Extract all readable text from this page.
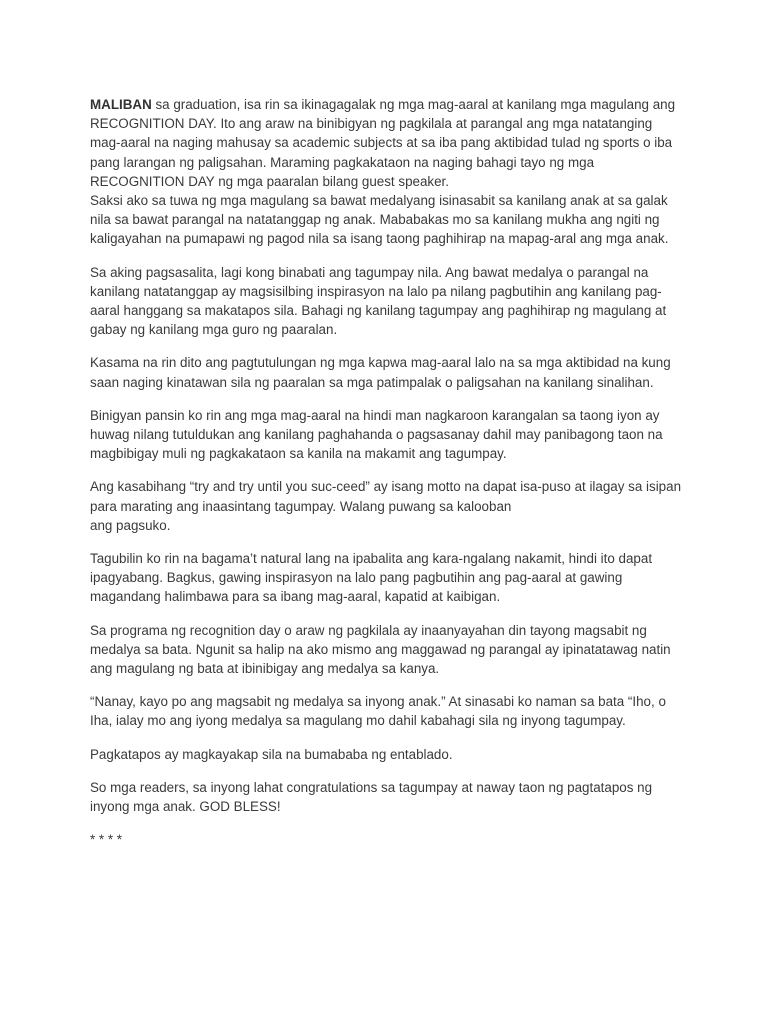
MALIBAN sa graduation, isa rin sa ikinagagalak ng mga mag-aaral at kanilang mga magulang ang RECOGNITION DAY. Ito ang araw na binibigyan ng pagkilala at parangal ang mga natatanging mag-aaral na naging mahusay sa academic subjects at sa iba pang aktibidad tulad ng sports o iba pang larangan ng paligsahan. Maraming pagkakataon na naging bahagi tayo ng mga RECOGNITION DAY ng mga paaralan bilang guest speaker.
Saksi ako sa tuwa ng mga magulang sa bawat medalyang isinasabit sa kanilang anak at sa galak nila sa bawat parangal na natatanggap ng anak. Mababakas mo sa kanilang mukha ang ngiti ng kaligayahan na pumapawi ng pagod nila sa isang taong paghihirap na mapag-aral ang mga anak.

Sa aking pagsasalita, lagi kong binabati ang tagumpay nila. Ang bawat medalya o parangal na kanilang natatanggap ay magsisilbing inspirasyon na lalo pa nilang pagbutihin ang kanilang pag-aaral hanggang sa makatapos sila. Bahagi ng kanilang tagumpay ang paghihirap ng magulang at gabay ng kanilang mga guro ng paaralan.

Kasama na rin dito ang pagtutulungan ng mga kapwa mag-aaral lalo na sa mga aktibidad na kung saan naging kinatawan sila ng paaralan sa mga patimpalak o paligsahan na kanilang sinalihan.

Binigyan pansin ko rin ang mga mag-aaral na hindi man nagkaroon karangalan sa taong iyon ay huwag nilang tutuldukan ang kanilang paghahanda o pagsasanay dahil may panibagong taon na magbibigay muli ng pagkakataon sa kanila na makamit ang tagumpay.

Ang kasabihang “try and try until you suc-ceed” ay isang motto na dapat isa-puso at ilagay sa isipan para marating ang inaasintang tagumpay. Walang puwang sa kalooban
ang pagsuko.

Tagubilin ko rin na bagama’t natural lang na ipabalita ang kara-ngalang nakamit, hindi ito dapat ipagyabang. Bagkus, gawing inspirasyon na lalo pang pagbutihin ang pag-aaral at gawing magandang halimbawa para sa ibang mag-aaral, kapatid at kaibigan.

Sa programa ng recognition day o araw ng pagkilala ay inaanyayahan din tayong magsabit ng medalya sa bata. Ngunit sa halip na ako mismo ang maggawad ng parangal ay ipinatatawag natin ang magulang ng bata at ibinibigay ang medalya sa kanya.

“Nanay, kayo po ang magsabit ng medalya sa inyong anak.” At sinasabi ko naman sa bata “Iho, o Iha, ialay mo ang iyong medalya sa magulang mo dahil kabahagi sila ng inyong tagumpay.

Pagkatapos ay magkayakap sila na bumababa ng entablado.

So mga readers, sa inyong lahat congratulations sa tagumpay at naway taon ng pagtatapos ng inyong mga anak. GOD BLESS!

* * * *
